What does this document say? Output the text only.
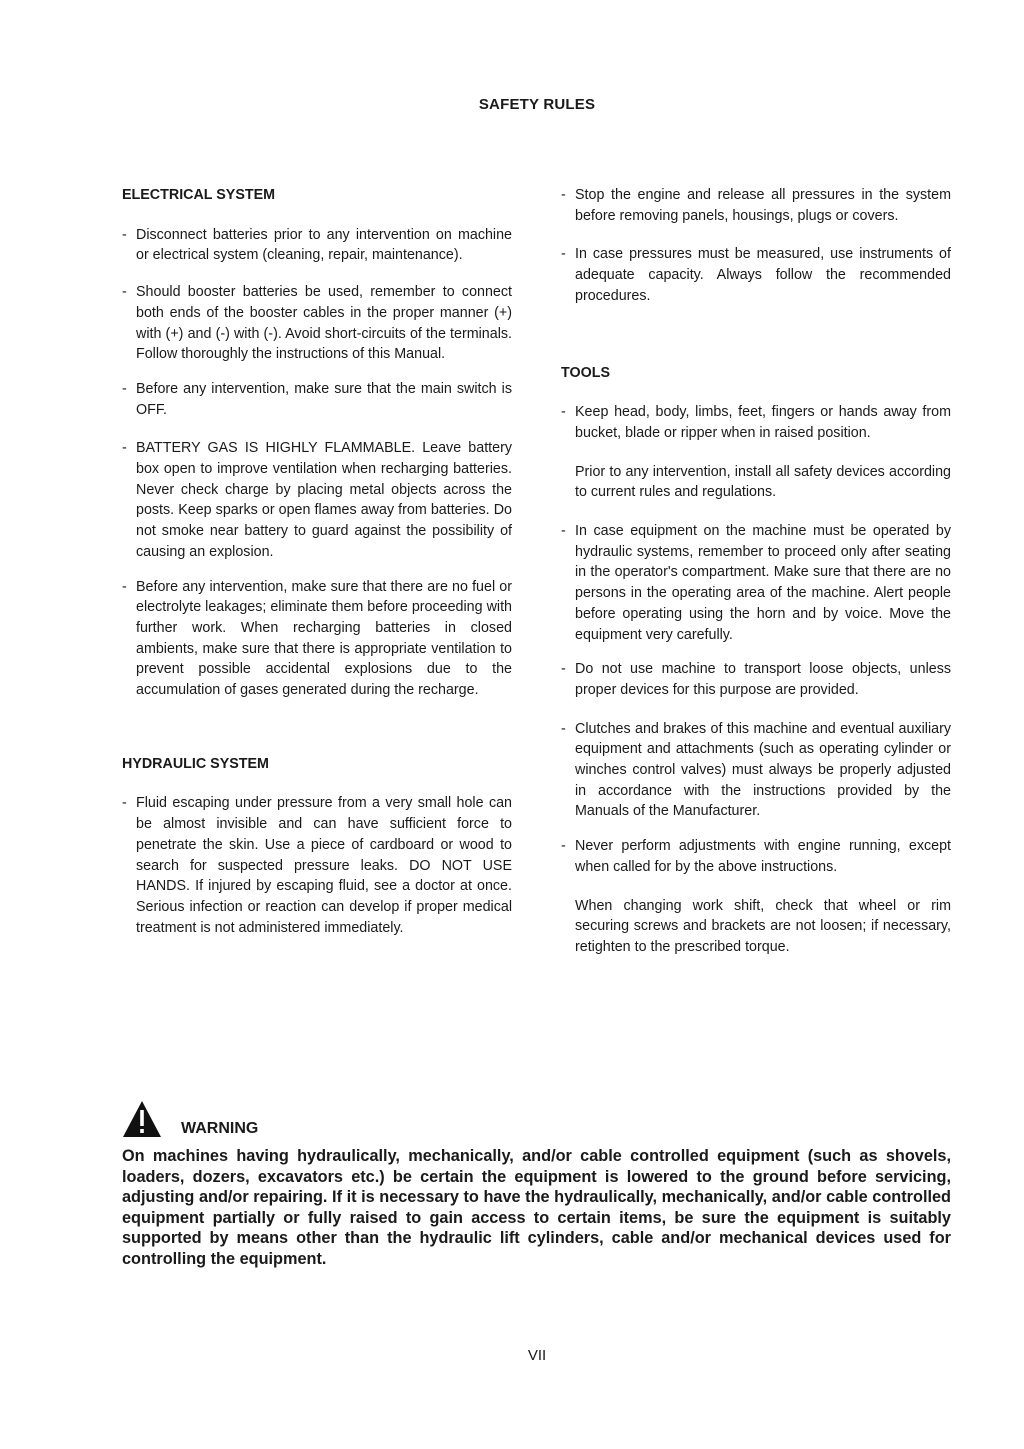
SAFETY RULES
ELECTRICAL SYSTEM
- Disconnect batteries prior to any intervention on machine or electrical system (cleaning, repair, maintenance).
- Should booster batteries be used, remember to connect both ends of the booster cables in the proper manner (+) with (+) and (-) with (-). Avoid short-circuits of the terminals. Follow thoroughly the instructions of this Manual.
- Before any intervention, make sure that the main switch is OFF.
- BATTERY GAS IS HIGHLY FLAMMABLE. Leave battery box open to improve ventilation when recharging batteries. Never check charge by placing metal objects across the posts. Keep sparks or open flames away from batteries. Do not smoke near battery to guard against the possibility of causing an explosion.
- Before any intervention, make sure that there are no fuel or electrolyte leakages; eliminate them before proceeding with further work. When recharging batteries in closed ambients, make sure that there is appropriate ventilation to prevent possible accidental explosions due to the accumulation of gases generated during the recharge.
HYDRAULIC SYSTEM
- Fluid escaping under pressure from a very small hole can be almost invisible and can have sufficient force to penetrate the skin. Use a piece of cardboard or wood to search for suspected pressure leaks. DO NOT USE HANDS. If injured by escaping fluid, see a doctor at once. Serious infection or reaction can develop if proper medical treatment is not administered immediately.
- Stop the engine and release all pressures in the system before removing panels, housings, plugs or covers.
- In case pressures must be measured, use instruments of adequate capacity. Always follow the recommended procedures.
TOOLS
- Keep head, body, limbs, feet, fingers or hands away from bucket, blade or ripper when in raised position.
Prior to any intervention, install all safety devices according to current rules and regulations.
- In case equipment on the machine must be operated by hydraulic systems, remember to proceed only after seating in the operator's compartment. Make sure that there are no persons in the operating area of the machine. Alert people before operating using the horn and by voice. Move the equipment very carefully.
- Do not use machine to transport loose objects, unless proper devices for this purpose are provided.
- Clutches and brakes of this machine and eventual auxiliary equipment and attachments (such as operating cylinder or winches control valves) must always be properly adjusted in accordance with the instructions provided by the Manuals of the Manufacturer.
- Never perform adjustments with engine running, except when called for by the above instructions.
When changing work shift, check that wheel or rim securing screws and brackets are not loosen; if necessary, retighten to the prescribed torque.
WARNING
On machines having hydraulically, mechanically, and/or cable controlled equipment (such as shovels, loaders, dozers, excavators etc.) be certain the equipment is lowered to the ground before servicing, adjusting and/or repairing. If it is necessary to have the hydraulically, mechanically, and/or cable controlled equipment partially or fully raised to gain access to certain items, be sure the equipment is suitably supported by means other than the hydraulic lift cylinders, cable and/or mechanical devices used for controlling the equipment.
VII
